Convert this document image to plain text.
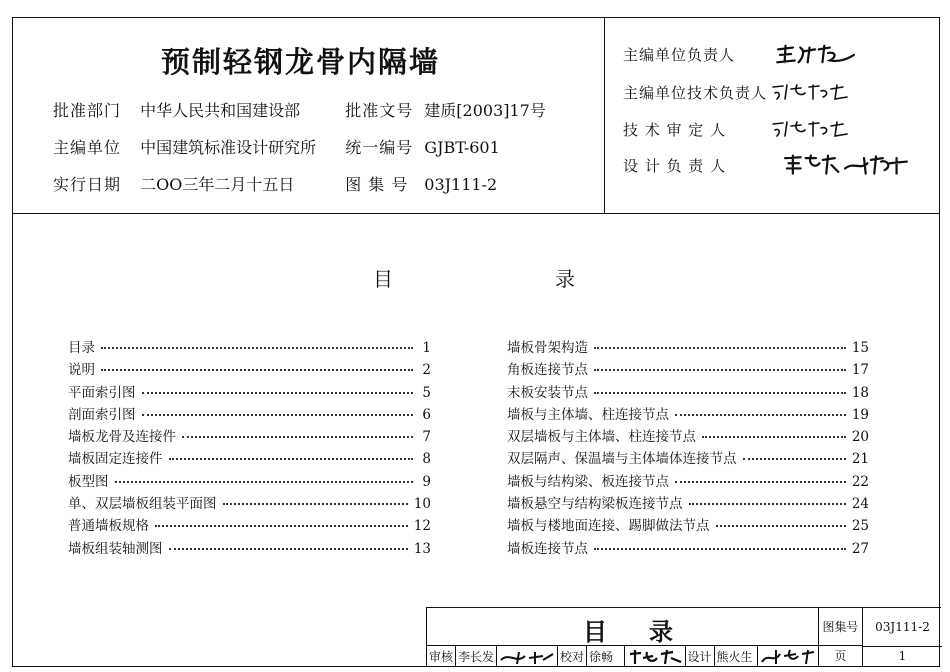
预制轻钢龙骨内隔墙
批准部门 中华人民共和国建设部	批准文号 建质[2003]17号
主编单位 中国建筑标准设计研究所 统一编号 GJBT-601
实行日期 二OO三年二月十五日	图 集 号 03J111-2
主编单位负责人
主编单位技术负责人
技 术 审 定 人
设 计 负 责 人
目	录
目录	1
说明	2
平面索引图	5
剖面索引图	6
墙板龙骨及连接件	7
墙板固定连接件	8
板型图	9
单、双层墙板组装平面图	10
普通墙板规格	12
墙板组装轴测图	13
墙板骨架构造	15
角板连接节点	17
末板安装节点	18
墙板与主体墙、柱连接节点	19
双层墙板与主体墙、柱连接节点	20
双层隔声、保温墙与主体墙体连接节点	21
墙板与结构梁、板连接节点	22
墙板悬空与结构梁板连接节点	24
墙板与楼地面连接、踢脚做法节点	25
墙板连接节点	27
目 录
审核 李长发	校对 徐畅	设计 熊火生
图集号	03J111-2
页	1
